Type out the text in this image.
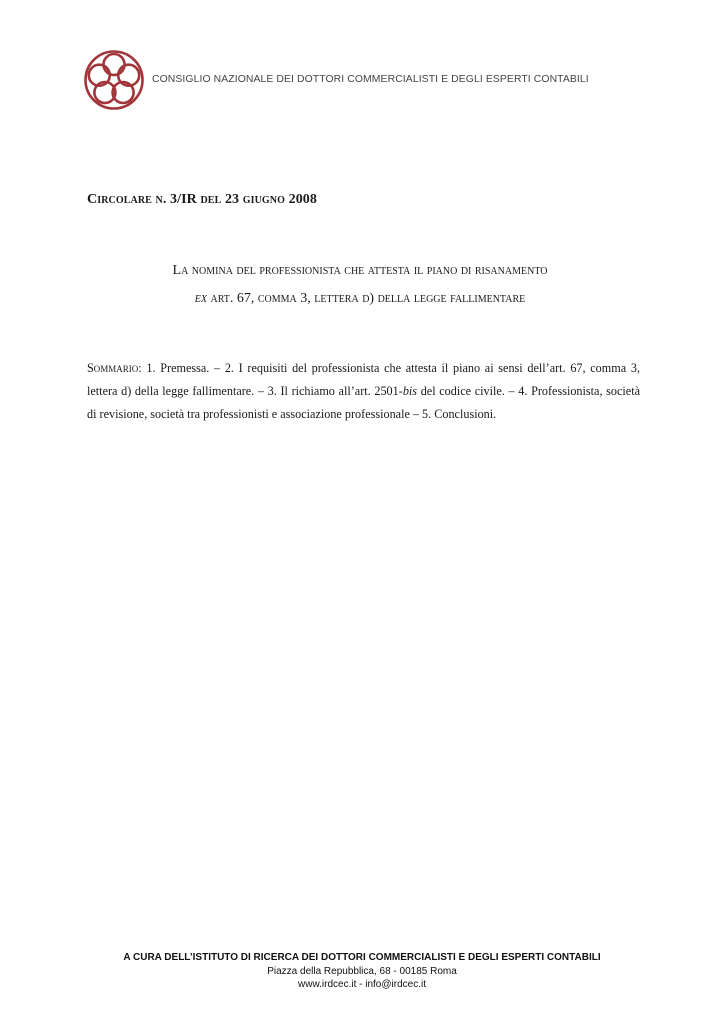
CONSIGLIO NAZIONALE DEI DOTTORI COMMERCIALISTI E DEGLI ESPERTI CONTABILI
Circolare n. 3/IR del 23 giugno 2008
La nomina del professionista che attesta il piano di risanamento
ex art. 67, comma 3, lettera d) della legge fallimentare
Sommario: 1. Premessa. – 2. I requisiti del professionista che attesta il piano ai sensi dell’art. 67, comma 3, lettera d) della legge fallimentare. – 3. Il richiamo all’art. 2501-bis del codice civile. – 4. Professionista, società di revisione, società tra professionisti e associazione professionale – 5. Conclusioni.
A CURA DELL’ISTITUTO DI RICERCA DEI DOTTORI COMMERCIALISTI E DEGLI ESPERTI CONTABILI
Piazza della Repubblica, 68 - 00185 Roma
www.irdcec.it - info@irdcec.it
